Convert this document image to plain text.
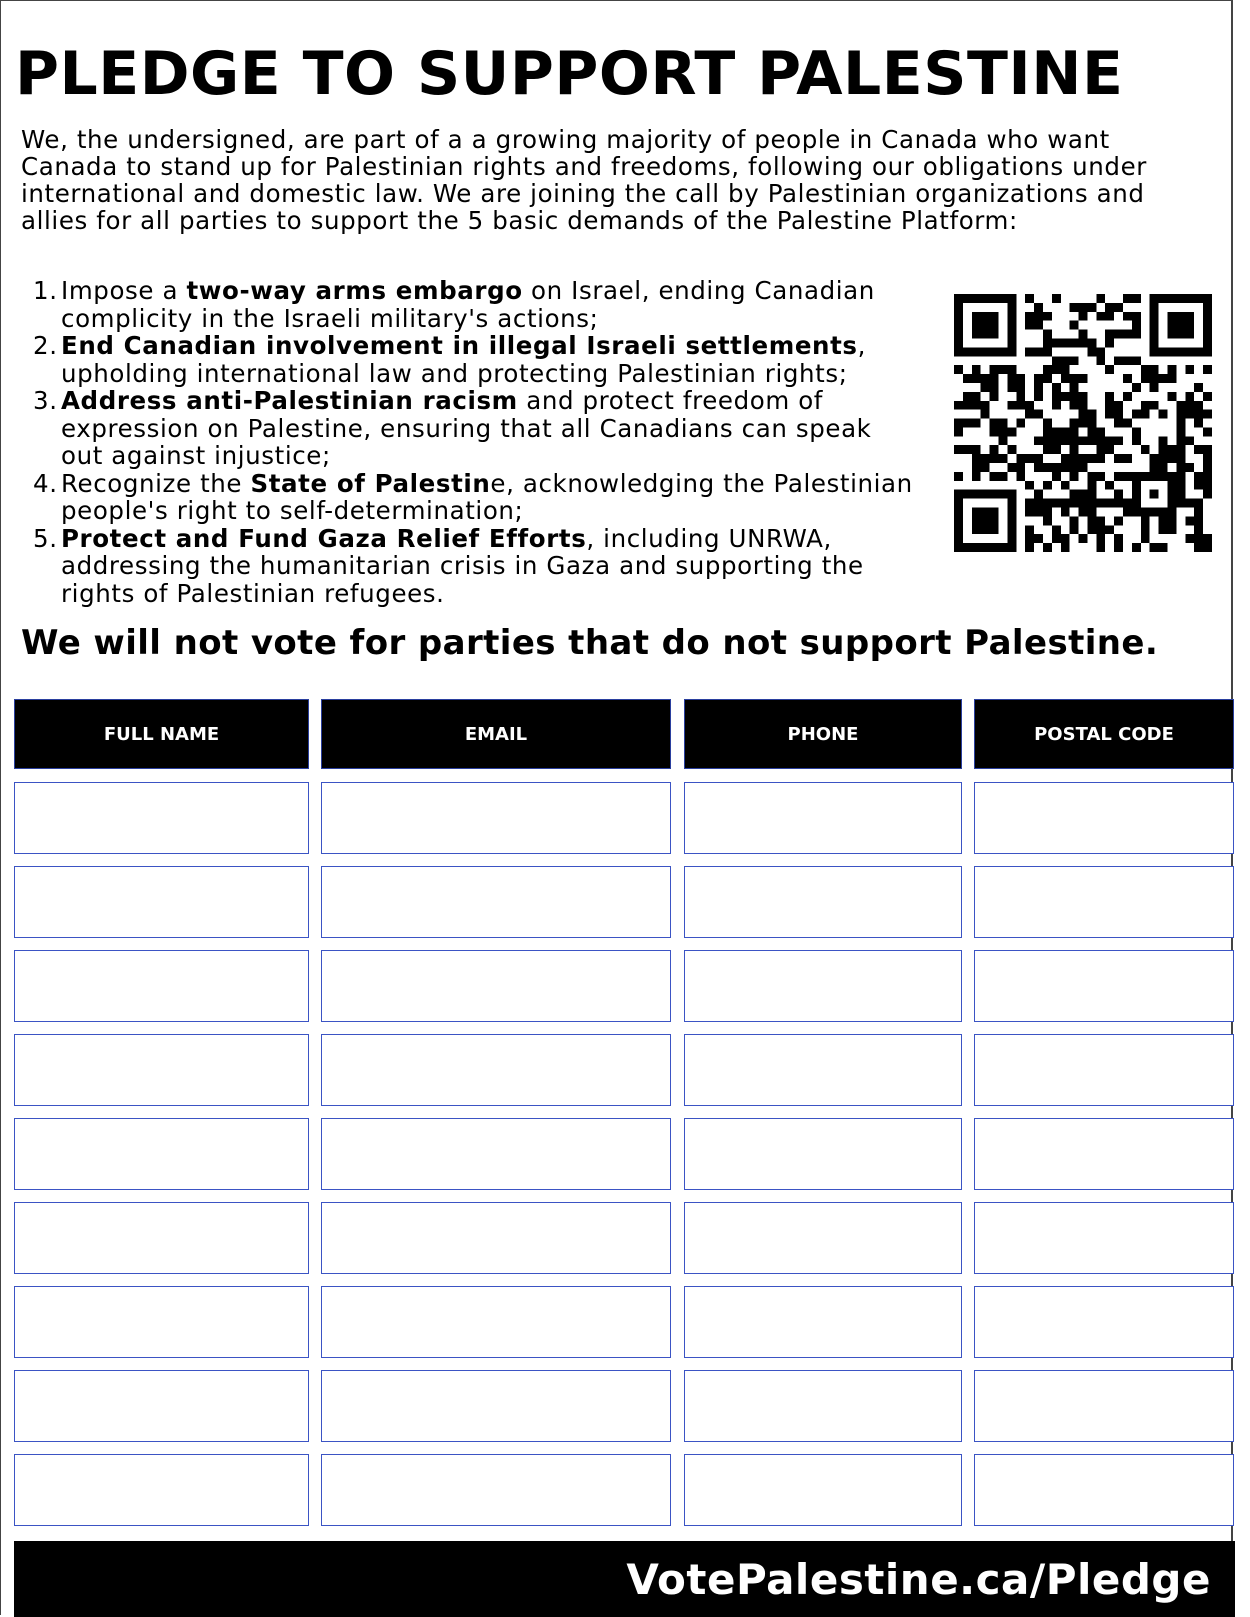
PLEDGE TO SUPPORT PALESTINE

We, the undersigned, are part of a a growing majority of people in Canada who want Canada to stand up for Palestinian rights and freedoms, following our obligations under international and domestic law. We are joining the call by Palestinian organizations and allies for all parties to support the 5 basic demands of the Palestine Platform:

1. Impose a two-way arms embargo on Israel, ending Canadian complicity in the Israeli military's actions;
2. End Canadian involvement in illegal Israeli settlements, upholding international law and protecting Palestinian rights;
3. Address anti-Palestinian racism and protect freedom of expression on Palestine, ensuring that all Canadians can speak out against injustice;
4. Recognize the State of Palestine, acknowledging the Palestinian people's right to self-determination;
5. Protect and Fund Gaza Relief Efforts, including UNRWA, addressing the humanitarian crisis in Gaza and supporting the rights of Palestinian refugees.
We will not vote for parties that do not support Palestine.
FULL NAME	EMAIL	PHONE	POSTAL CODE
VotePalestine.ca/Pledge
